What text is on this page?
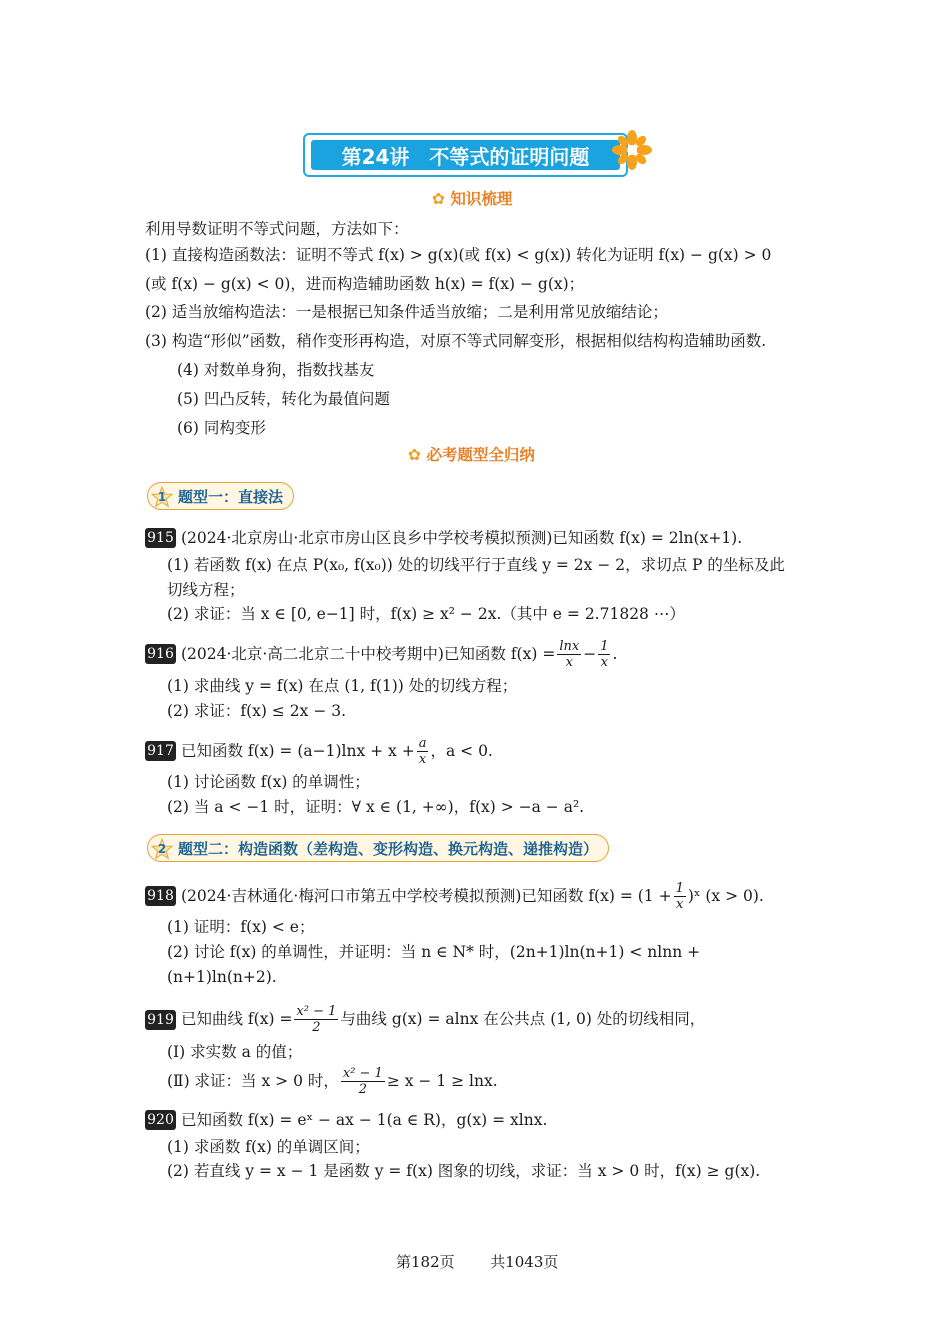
第24讲 不等式的证明问题
✿ 知识梳理
利用导数证明不等式问题，方法如下：
(1) 直接构造函数法：证明不等式 f(x) > g(x)(或 f(x) < g(x)) 转化为证明 f(x) − g(x) > 0
(或 f(x) − g(x) < 0)，进而构造辅助函数 h(x) = f(x) − g(x)；
(2) 适当放缩构造法：一是根据已知条件适当放缩；二是利用常见放缩结论；
(3) 构造“形似”函数，稍作变形再构造，对原不等式同解变形，根据相似结构构造辅助函数.
(4) 对数单身狗，指数找基友
(5) 凹凸反转，转化为最值问题
(6) 同构变形
✿ 必考题型全归纳
1 题型一：直接法
915 (2024·北京房山·北京市房山区良乡中学校考模拟预测)已知函数 f(x) = 2ln(x+1).
(1) 若函数 f(x) 在点 P(x₀, f(x₀)) 处的切线平行于直线 y = 2x − 2，求切点 P 的坐标及此
切线方程；
(2) 求证：当 x ∈ [0, e−1] 时，f(x) ≥ x² − 2x.（其中 e = 2.71828 ⋯）
916 (2024·北京·高二北京二十中校考期中)已知函数 $f(x) = \frac{\ln x}{x} - \frac{1}{x}$ .
(1) 求曲线 y = f(x) 在点 (1, f(1)) 处的切线方程；
(2) 求证：f(x) ≤ 2x − 3.
917 已知函数 $f(x) = (a-1)\ln x + x + \frac{a}{x}$ ，a < 0.
(1) 讨论函数 f(x) 的单调性；
(2) 当 a < −1 时，证明：∀ x ∈ (1, +∞)，f(x) > −a − a².
2 题型二：构造函数（差构造、变形构造、换元构造、递推构造）
918 (2024·吉林通化·梅河口市第五中学校考模拟预测)已知函数 $f(x) = (1 + \frac{1}{x}$ )ˣ (x > 0).
(1) 证明：f(x) < e；
(2) 讨论 f(x) 的单调性，并证明：当 n ∈ N* 时，(2n+1)ln(n+1) < nlnn +
(n+1)ln(n+2).
919 已知曲线 $f(x) = \frac{\text{x² − 1}}{2}$ 与曲线 g(x) = alnx 在公共点 (1, 0) 处的切线相同，
(Ⅰ) 求实数 a 的值；
(Ⅱ) 求证：当 x > 0 时， $\frac{\text{x² − 1}}{2} \ge x - 1 \ge \ln x$.
920 已知函数 f(x) = eˣ − ax − 1(a ∈ R)，g(x) = xlnx.
(1) 求函数 f(x) 的单调区间；
(2) 若直线 y = x − 1 是函数 y = f(x) 图象的切线，求证：当 x > 0 时，f(x) ≥ g(x).
第182页 共1043页
